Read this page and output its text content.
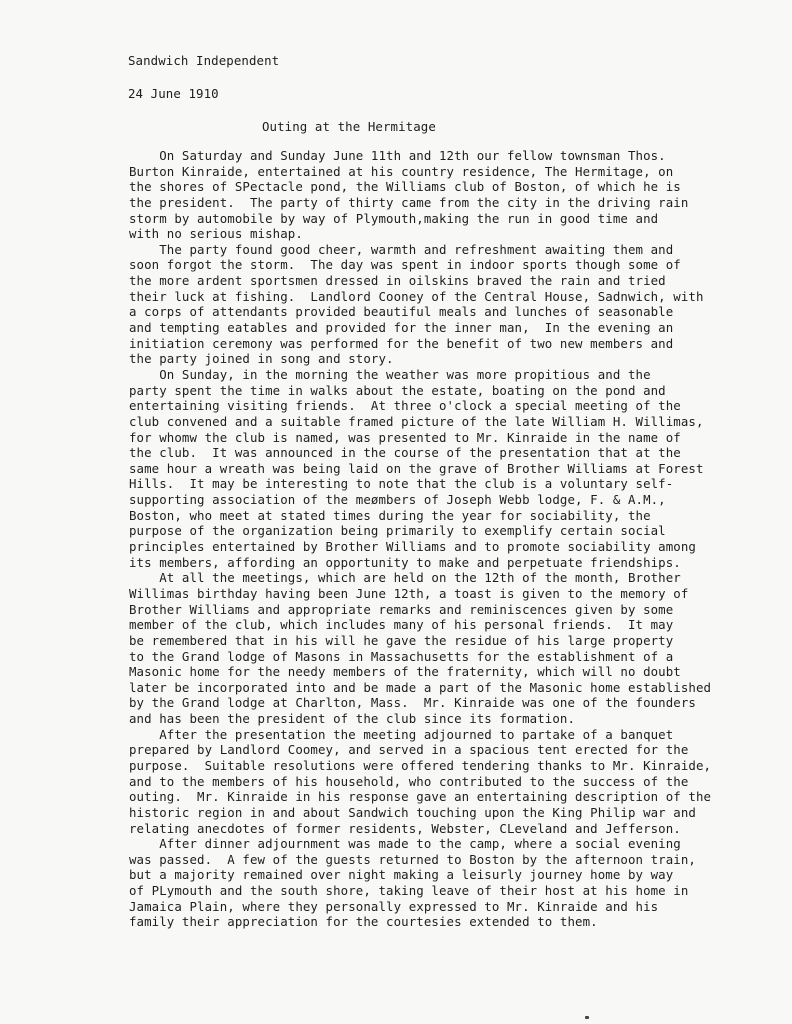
Sandwich Independent
24 June 1910
Outing at the Hermitage
On Saturday and Sunday June 11th and 12th our fellow townsman Thos.
Burton Kinraide, entertained at his country residence, The Hermitage, on
the shores of SPectacle pond, the Williams club of Boston, of which he is
the president.  The party of thirty came from the city in the driving rain
storm by automobile by way of Plymouth,making the run in good time and
with no serious mishap.
The party found good cheer, warmth and refreshment awaiting them and
soon forgot the storm.  The day was spent in indoor sports though some of
the more ardent sportsmen dressed in oilskins braved the rain and tried
their luck at fishing.  Landlord Cooney of the Central House, Sadnwich, with
a corps of attendants provided beautiful meals and lunches of seasonable
and tempting eatables and provided for the inner man,  In the evening an
initiation ceremony was performed for the benefit of two new members and
the party joined in song and story.
On Sunday, in the morning the weather was more propitious and the
party spent the time in walks about the estate, boating on the pond and
entertaining visiting friends.  At three o'clock a special meeting of the
club convened and a suitable framed picture of the late William H. Willimas,
for whomw the club is named, was presented to Mr. Kinraide in the name of
the club.  It was announced in the course of the presentation that at the
same hour a wreath was being laid on the grave of Brother Williams at Forest
Hills.  It may be interesting to note that the club is a voluntary self-
supporting association of the meømbers of Joseph Webb lodge, F. & A.M.,
Boston, who meet at stated times during the year for sociability, the
purpose of the organization being primarily to exemplify certain social
principles entertained by Brother Williams and to promote sociability among
its members, affording an opportunity to make and perpetuate friendships.
At all the meetings, which are held on the 12th of the month, Brother
Willimas birthday having been June 12th, a toast is given to the memory of
Brother Williams and appropriate remarks and reminiscences given by some
member of the club, which includes many of his personal friends.  It may
be remembered that in his will he gave the residue of his large property
to the Grand lodge of Masons in Massachusetts for the establishment of a
Masonic home for the needy members of the fraternity, which will no doubt
later be incorporated into and be made a part of the Masonic home established
by the Grand lodge at Charlton, Mass.  Mr. Kinraide was one of the founders
and has been the president of the club since its formation.
After the presentation the meeting adjourned to partake of a banquet
prepared by Landlord Coomey, and served in a spacious tent erected for the
purpose.  Suitable resolutions were offered tendering thanks to Mr. Kinraide,
and to the members of his household, who contributed to the success of the
outing.  Mr. Kinraide in his response gave an entertaining description of the
historic region in and about Sandwich touching upon the King Philip war and
relating anecdotes of former residents, Webster, CLeveland and Jefferson.
After dinner adjournment was made to the camp, where a social evening
was passed.  A few of the guests returned to Boston by the afternoon train,
but a majority remained over night making a leisurly journey home by way
of PLymouth and the south shore, taking leave of their host at his home in
Jamaica Plain, where they personally expressed to Mr. Kinraide and his
family their appreciation for the courtesies extended to them.
